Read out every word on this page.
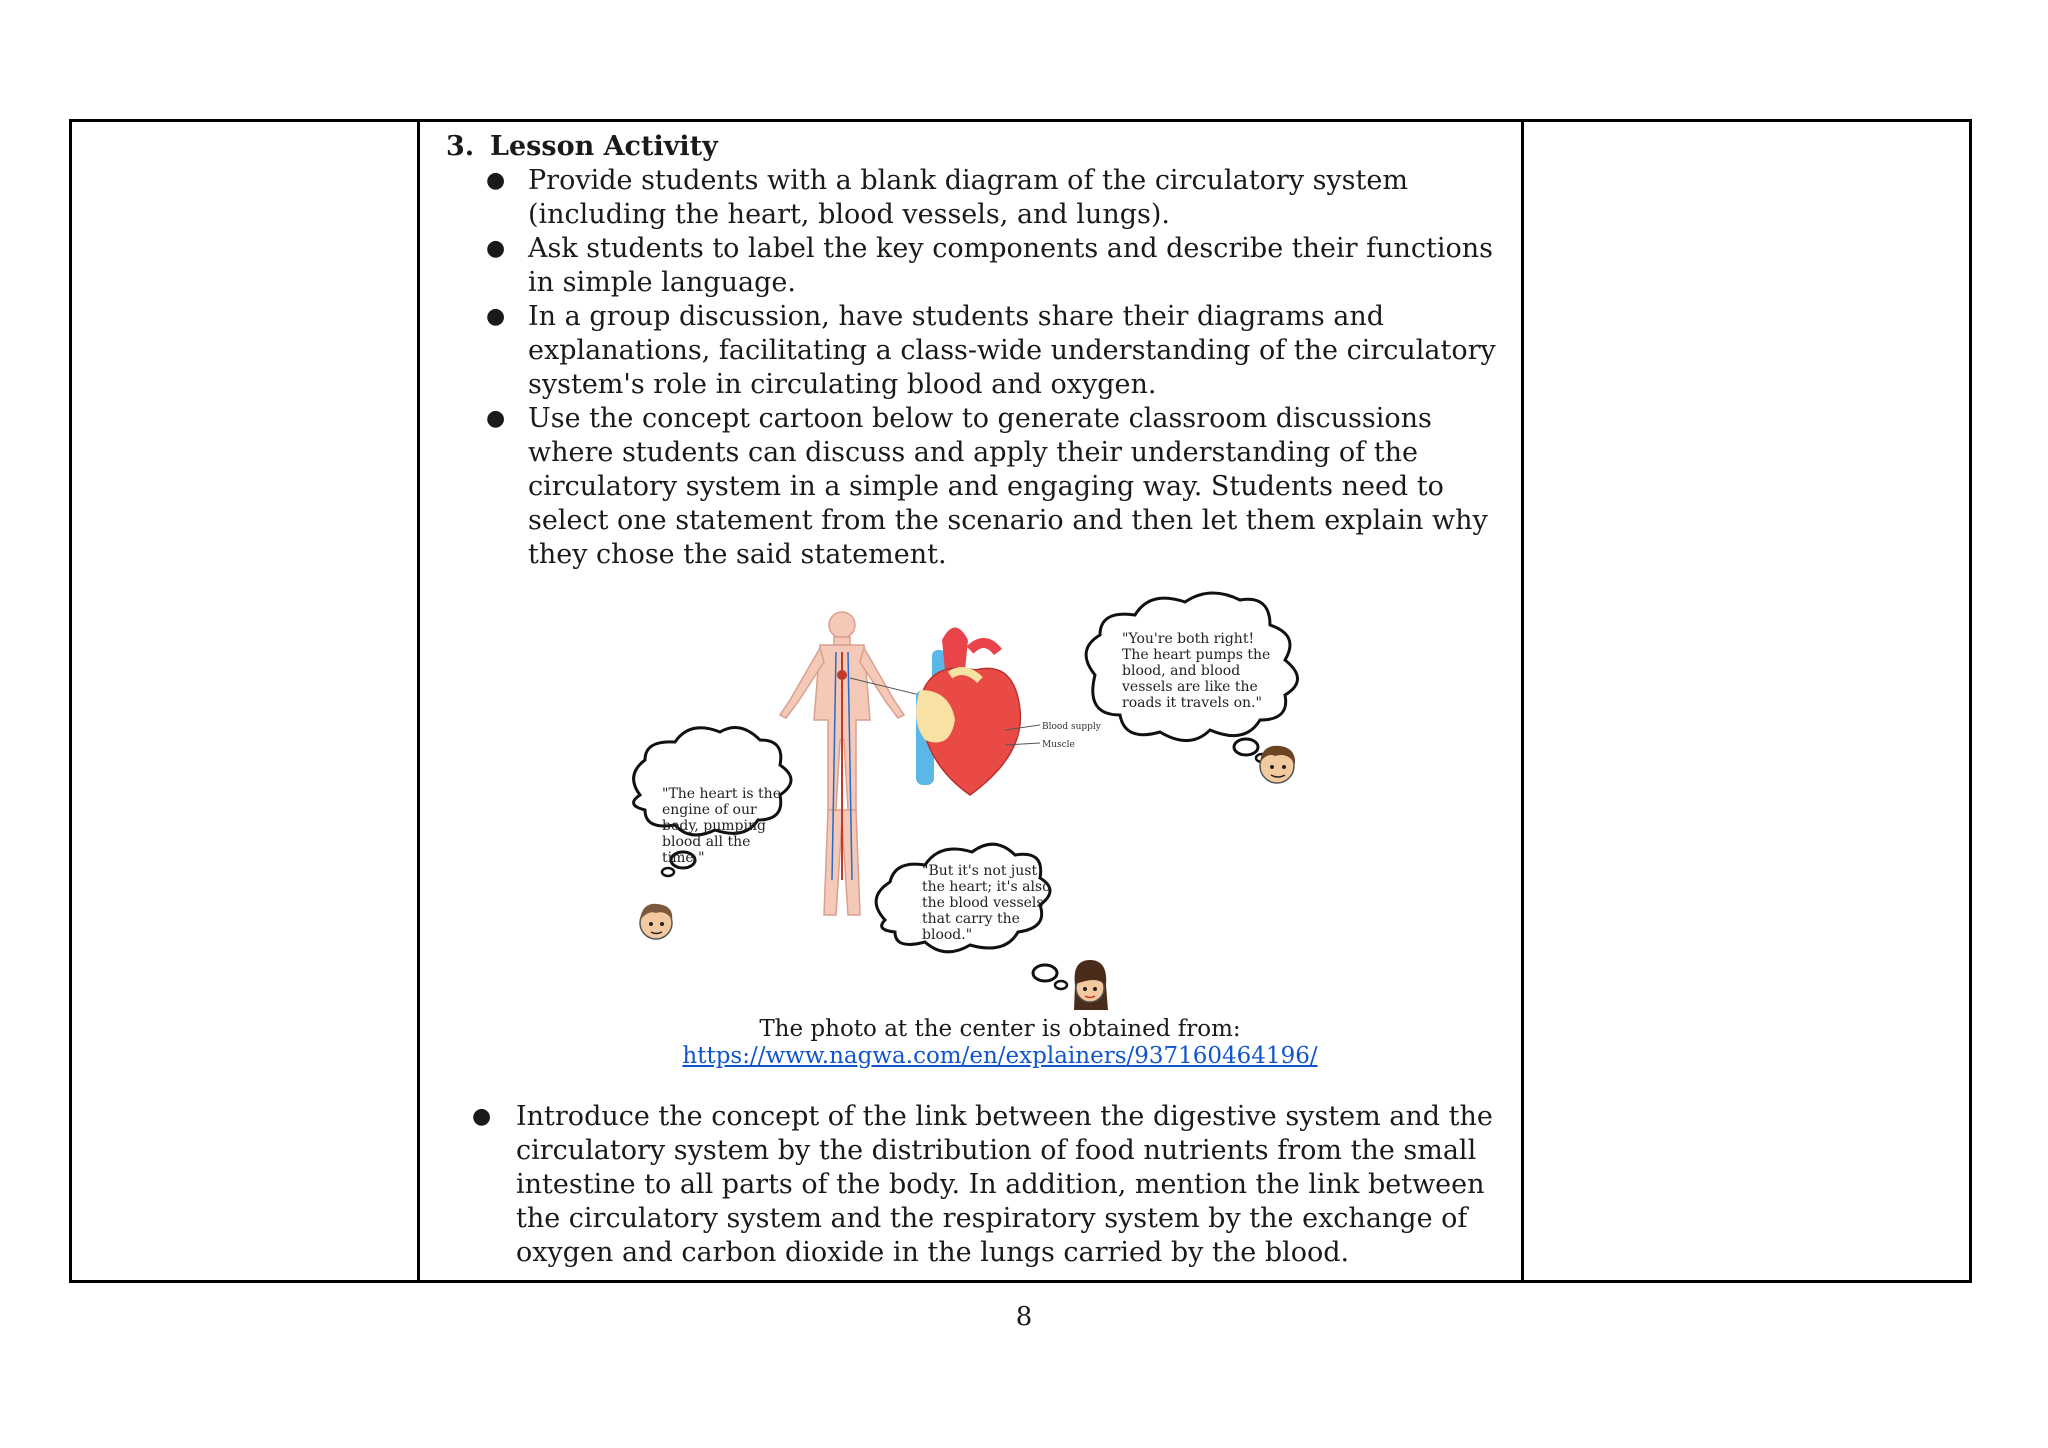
3. Lesson Activity
● Provide students with a blank diagram of the circulatory system (including the heart, blood vessels, and lungs).
● Ask students to label the key components and describe their functions in simple language.
● In a group discussion, have students share their diagrams and explanations, facilitating a class-wide understanding of the circulatory system's role in circulating blood and oxygen.
● Use the concept cartoon below to generate classroom discussions where students can discuss and apply their understanding of the circulatory system in a simple and engaging way. Students need to select one statement from the scenario and then let them explain why they chose the said statement.
Blood supply
Muscle
"You're both right!
The heart pumps the
blood, and blood
vessels are like the
roads it travels on."
"The heart is the
engine of our
body, pumping
blood all the
time."
"But it's not just
the heart; it's also
the blood vessels
that carry the
blood."
The photo at the center is obtained from:
https://www.nagwa.com/en/explainers/937160464196/
● Introduce the concept of the link between the digestive system and the circulatory system by the distribution of food nutrients from the small intestine to all parts of the body. In addition, mention the link between the circulatory system and the respiratory system by the exchange of oxygen and carbon dioxide in the lungs carried by the blood.
8
